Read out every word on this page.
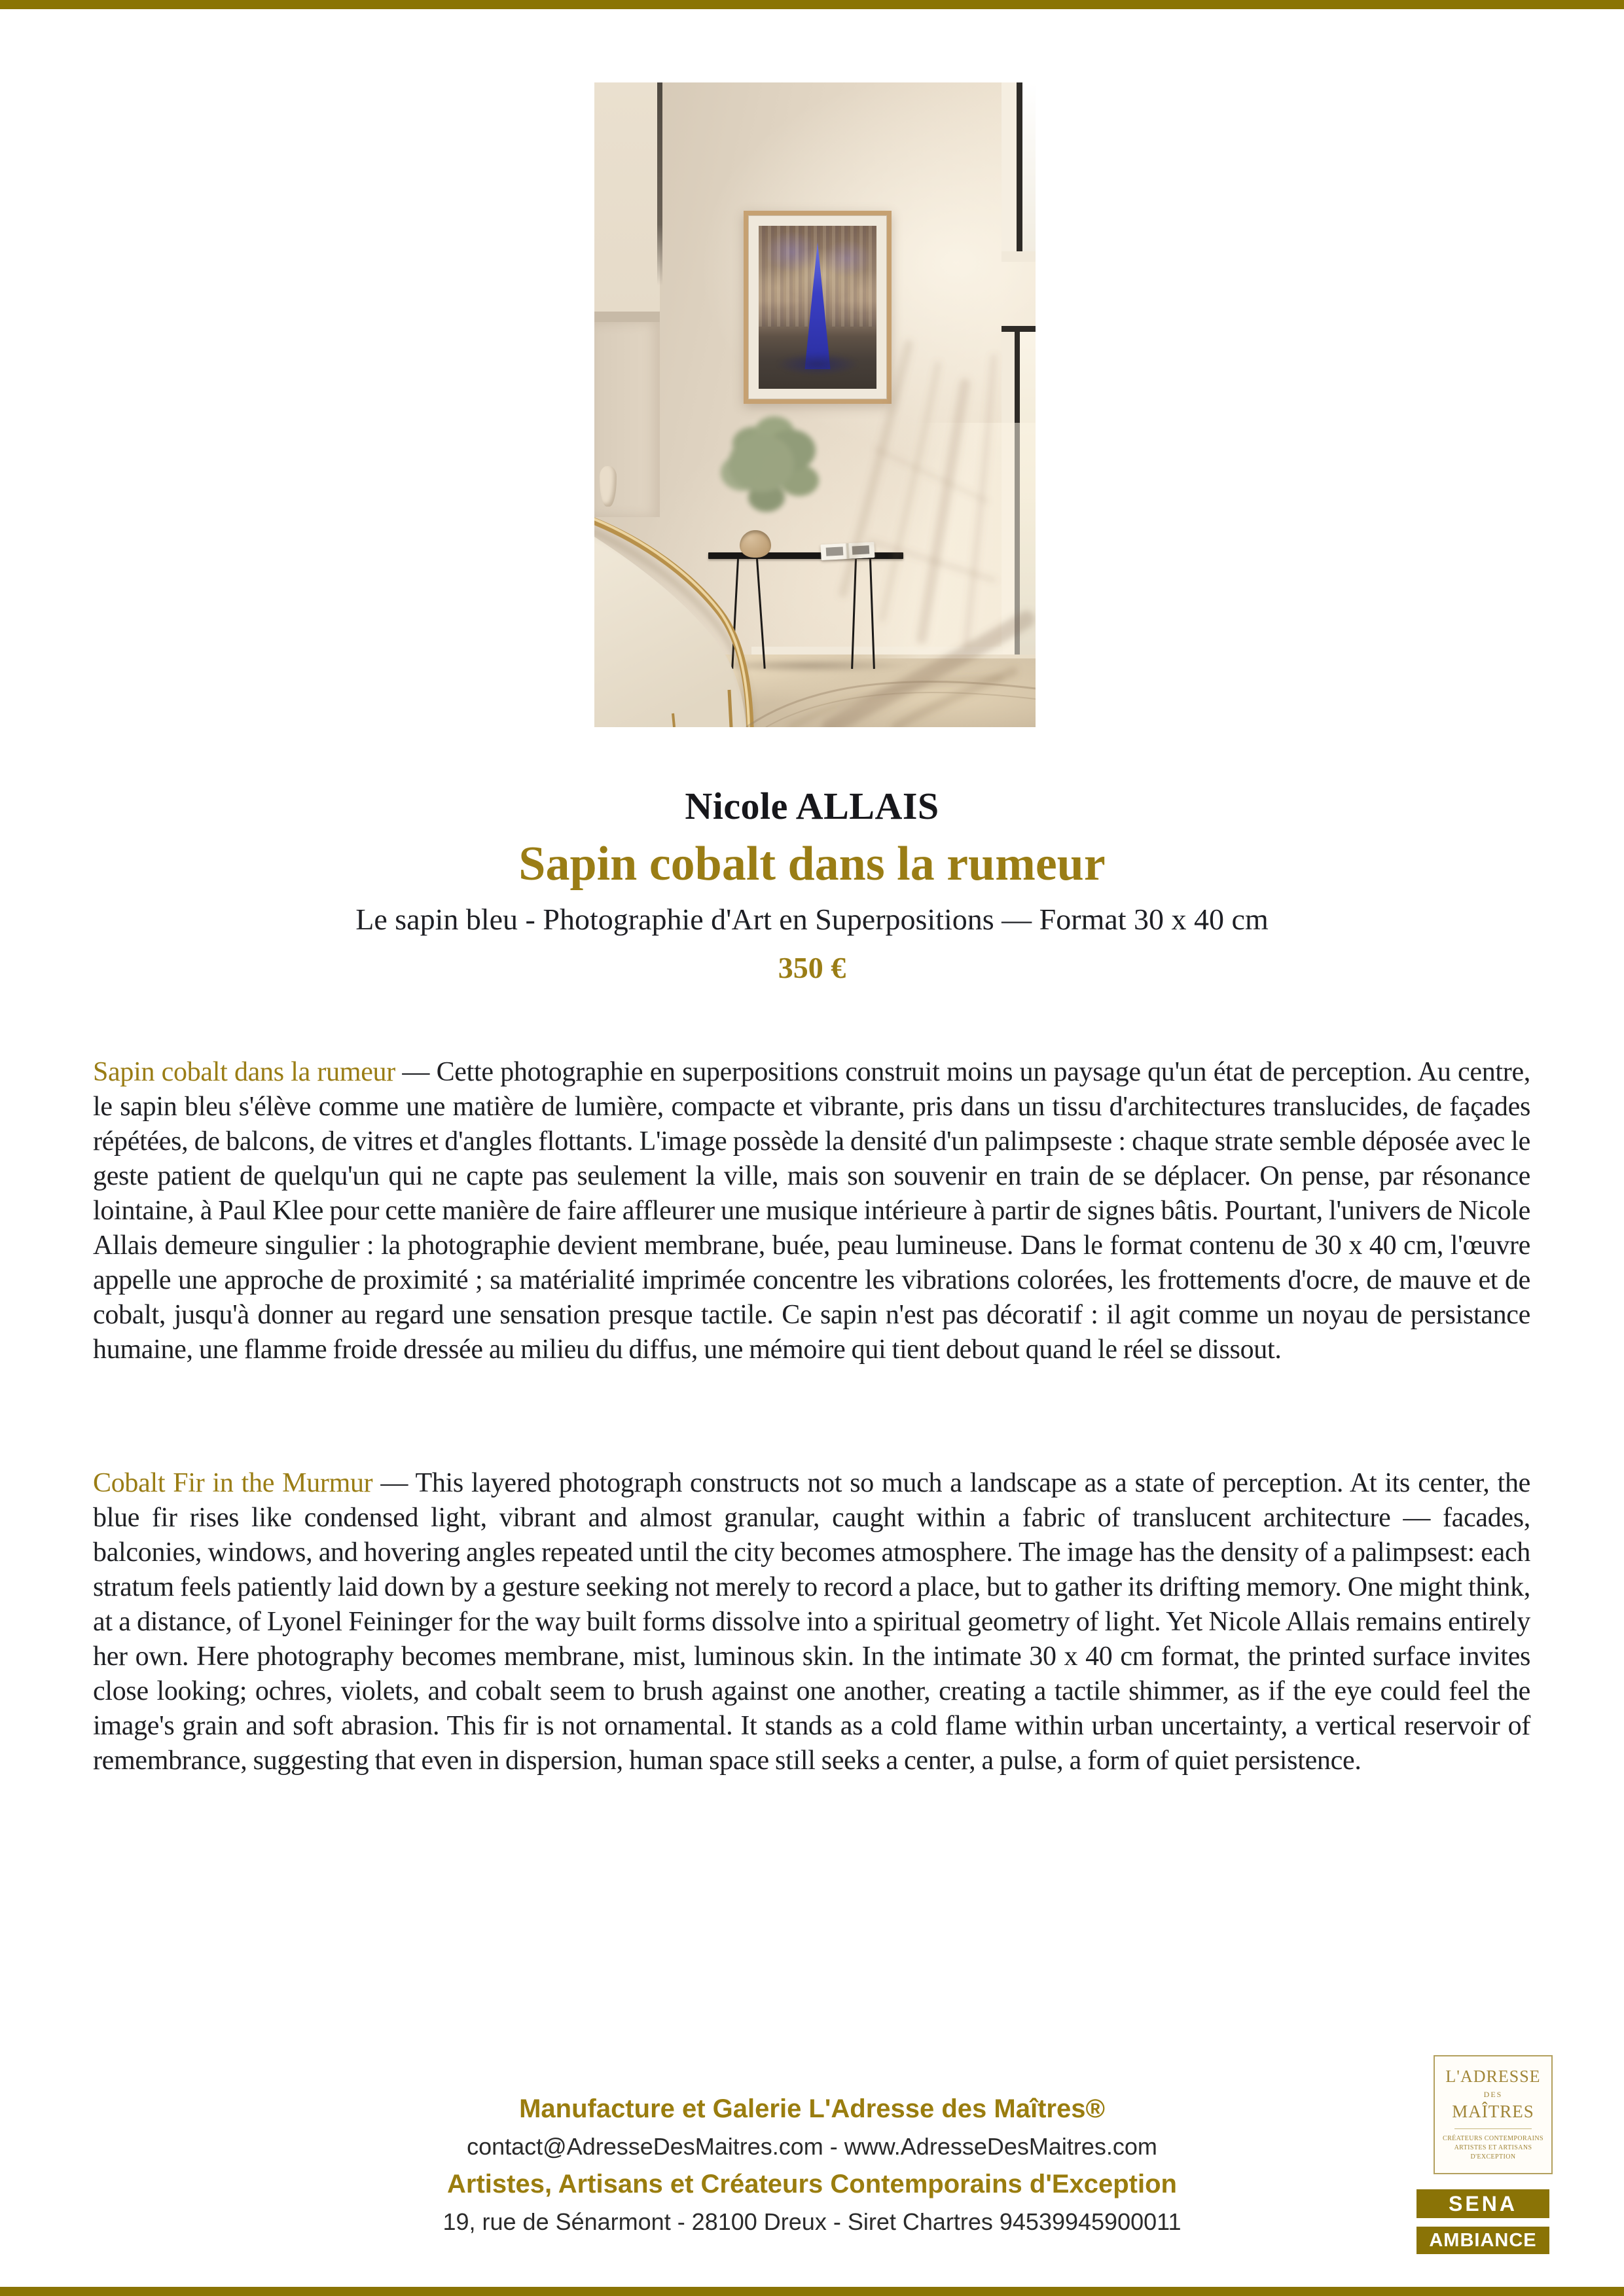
Nicole ALLAIS
Sapin cobalt dans la rumeur
Le sapin bleu - Photographie d'Art en Superpositions — Format 30 x 40 cm
350 €

Sapin cobalt dans la rumeur — Cette photographie en superpositions construit moins un paysage qu'un état de perception. Au centre, le sapin bleu s'élève comme une matière de lumière, compacte et vibrante, pris dans un tissu d'architectures translucides, de façades répétées, de balcons, de vitres et d'angles flottants. L'image possède la densité d'un palimpseste : chaque strate semble déposée avec le geste patient de quelqu'un qui ne capte pas seulement la ville, mais son souvenir en train de se déplacer. On pense, par résonance lointaine, à Paul Klee pour cette manière de faire affleurer une musique intérieure à partir de signes bâtis. Pourtant, l'univers de Nicole Allais demeure singulier : la photographie devient membrane, buée, peau lumineuse. Dans le format contenu de 30 x 40 cm, l'œuvre appelle une approche de proximité ; sa matérialité imprimée concentre les vibrations colorées, les frottements d'ocre, de mauve et de cobalt, jusqu'à donner au regard une sensation presque tactile. Ce sapin n'est pas décoratif : il agit comme un noyau de persistance humaine, une flamme froide dressée au milieu du diffus, une mémoire qui tient debout quand le réel se dissout.

Cobalt Fir in the Murmur — This layered photograph constructs not so much a landscape as a state of perception. At its center, the blue fir rises like condensed light, vibrant and almost granular, caught within a fabric of translucent architecture — facades, balconies, windows, and hovering angles repeated until the city becomes atmosphere. The image has the density of a palimpsest: each stratum feels patiently laid down by a gesture seeking not merely to record a place, but to gather its drifting memory. One might think, at a distance, of Lyonel Feininger for the way built forms dissolve into a spiritual geometry of light. Yet Nicole Allais remains entirely her own. Here photography becomes membrane, mist, luminous skin. In the intimate 30 x 40 cm format, the printed surface invites close looking; ochres, violets, and cobalt seem to brush against one another, creating a tactile shimmer, as if the eye could feel the image's grain and soft abrasion. This fir is not ornamental. It stands as a cold flame within urban uncertainty, a vertical reservoir of remembrance, suggesting that even in dispersion, human space still seeks a center, a pulse, a form of quiet persistence.

Manufacture et Galerie L'Adresse des Maîtres®
contact@AdresseDesMaitres.com - www.AdresseDesMaitres.com
Artistes, Artisans et Créateurs Contemporains d'Exception
19, rue de Sénarmont - 28100 Dreux - Siret Chartres 94539945900011
L'ADRESSE
DES
MAÎTRES
CRÉATEURS CONTEMPORAINS
ARTISTES ET ARTISANS
D'EXCEPTION
SENA
AMBIANCE
